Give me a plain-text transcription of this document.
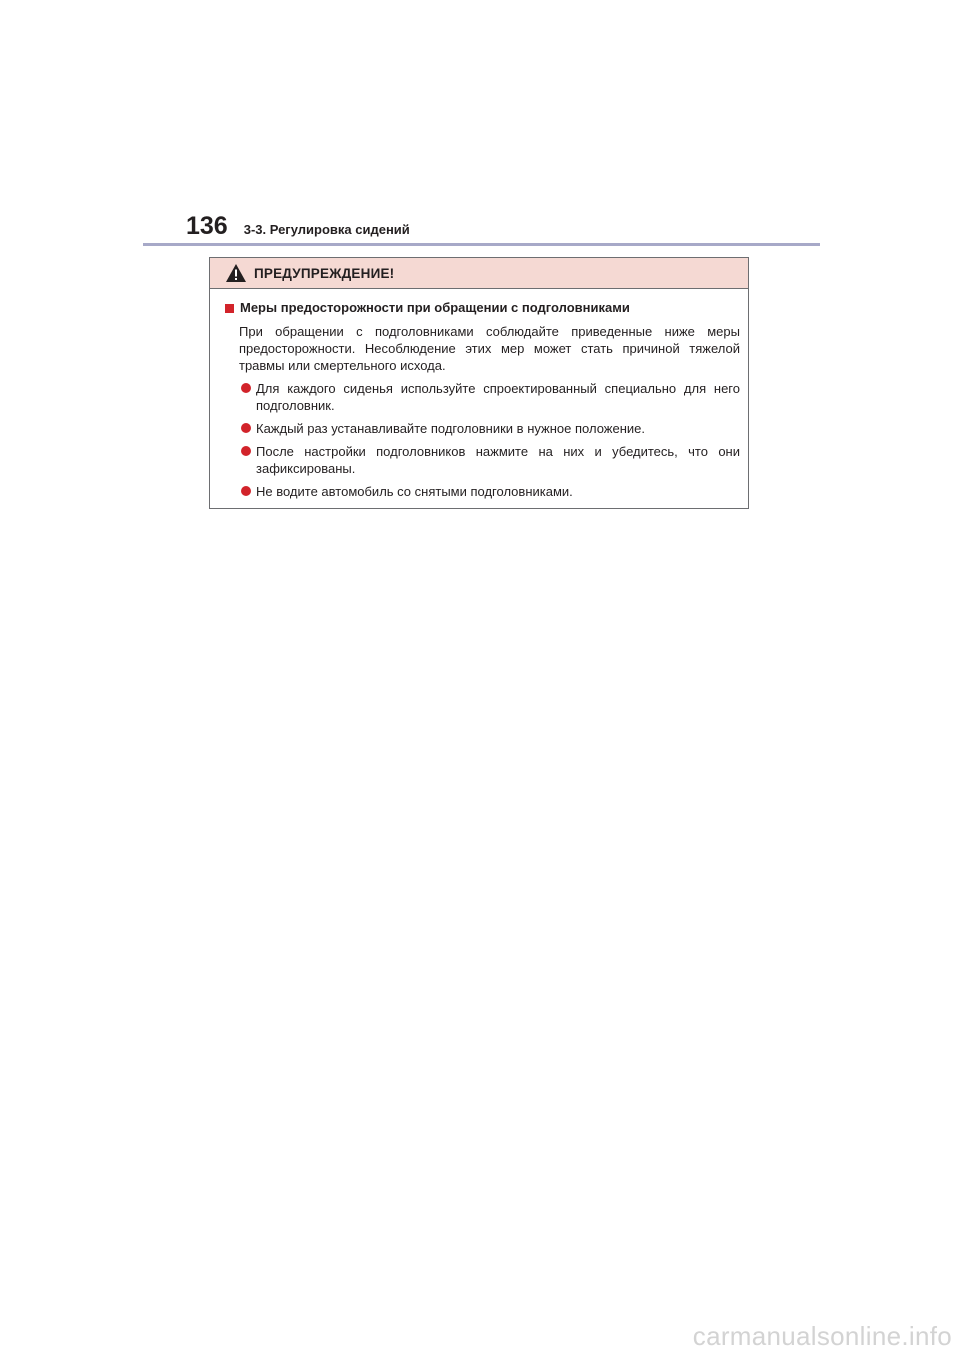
136 3-3. Регулировка сидений
ПРЕДУПРЕЖДЕНИЕ!
Меры предосторожности при обращении с подголовниками

При обращении с подголовниками соблюдайте приведенные ниже меры предосторожности. Несоблюдение этих мер может стать причиной тяжелой травмы или смертельного исхода.

Для каждого сиденья используйте спроектированный специально для него подголовник.
Каждый раз устанавливайте подголовники в нужное положение.
После настройки подголовников нажмите на них и убедитесь, что они зафиксированы.
Не водите автомобиль со снятыми подголовниками.
carmanualsonline.info
